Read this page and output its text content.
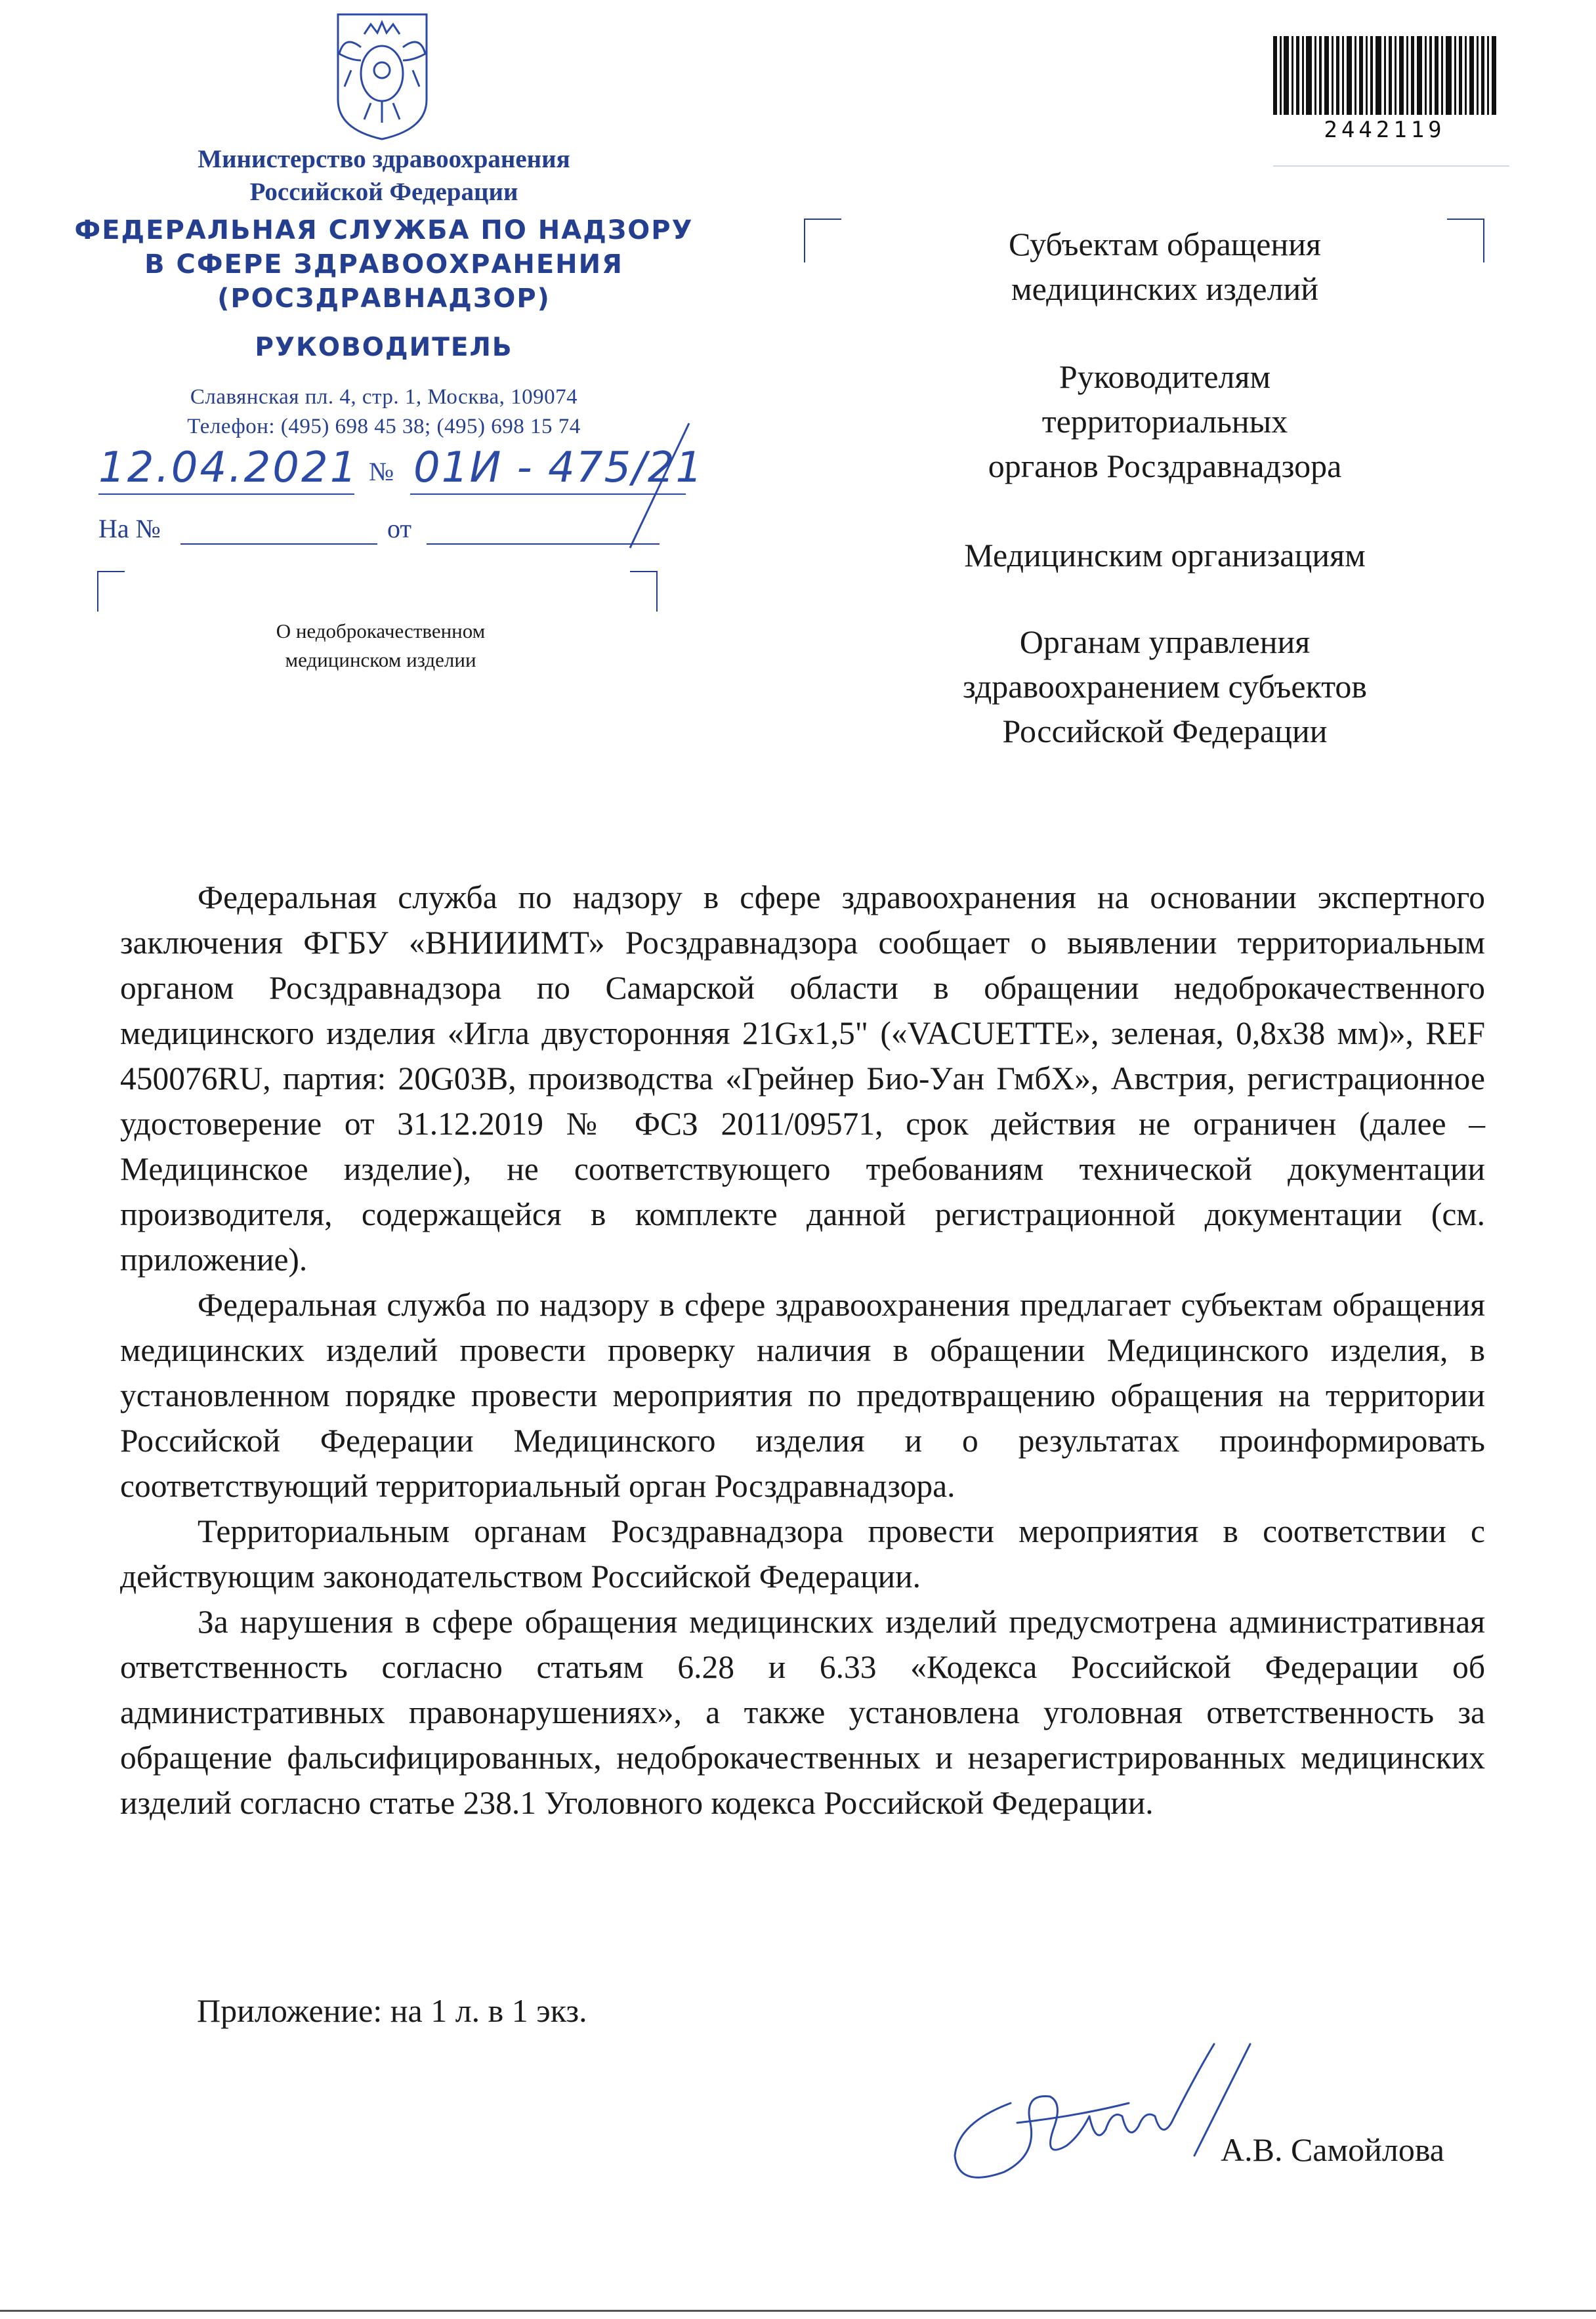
Министерство здравоохранения
Российской Федерации
ФЕДЕРАЛЬНАЯ СЛУЖБА ПО НАДЗОРУ
В СФЕРЕ ЗДРАВООХРАНЕНИЯ
(РОСЗДРАВНАДЗОР)
РУКОВОДИТЕЛЬ
Славянская пл. 4, стр. 1, Москва, 109074
Телефон: (495) 698 45 38; (495) 698 15 74
12.04.2021 № 01И - 475/21
На №	от
О недоброкачественном
медицинском изделии
2442119
Субъектам обращения
медицинских изделий
Руководителям
территориальных
органов Росздравнадзора
Медицинским организациям
Органам управления
здравоохранением субъектов
Российской Федерации

Федеральная служба по надзору в сфере здравоохранения на основании экспертного заключения ФГБУ «ВНИИИМТ» Росздравнадзора сообщает о выявлении территориальным органом Росздравнадзора по Самарской области в обращении недоброкачественного медицинского изделия «Игла двусторонняя 21Gx1,5" («VACUETTE», зеленая, 0,8x38 мм)», REF 450076RU, партия: 20G03B, производства «Грейнер Био-Уан ГмбХ», Австрия, регистрационное удостоверение от 31.12.2019 № ФСЗ 2011/09571, срок действия не ограничен (далее – Медицинское изделие), не соответствующего требованиям технической документации производителя, содержащейся в комплекте данной регистрационной документации (см. приложение).

Федеральная служба по надзору в сфере здравоохранения предлагает субъектам обращения медицинских изделий провести проверку наличия в обращении Медицинского изделия, в установленном порядке провести мероприятия по предотвращению обращения на территории Российской Федерации Медицинского изделия и о результатах проинформировать соответствующий территориальный орган Росздравнадзора.

Территориальным органам Росздравнадзора провести мероприятия в соответствии с действующим законодательством Российской Федерации.

За нарушения в сфере обращения медицинских изделий предусмотрена административная ответственность согласно статьям 6.28 и 6.33 «Кодекса Российской Федерации об административных правонарушениях», а также установлена уголовная ответственность за обращение фальсифицированных, недоброкачественных и незарегистрированных медицинских изделий согласно статье 238.1 Уголовного кодекса Российской Федерации.

Приложение: на 1 л. в 1 экз.
А.В. Самойлова
